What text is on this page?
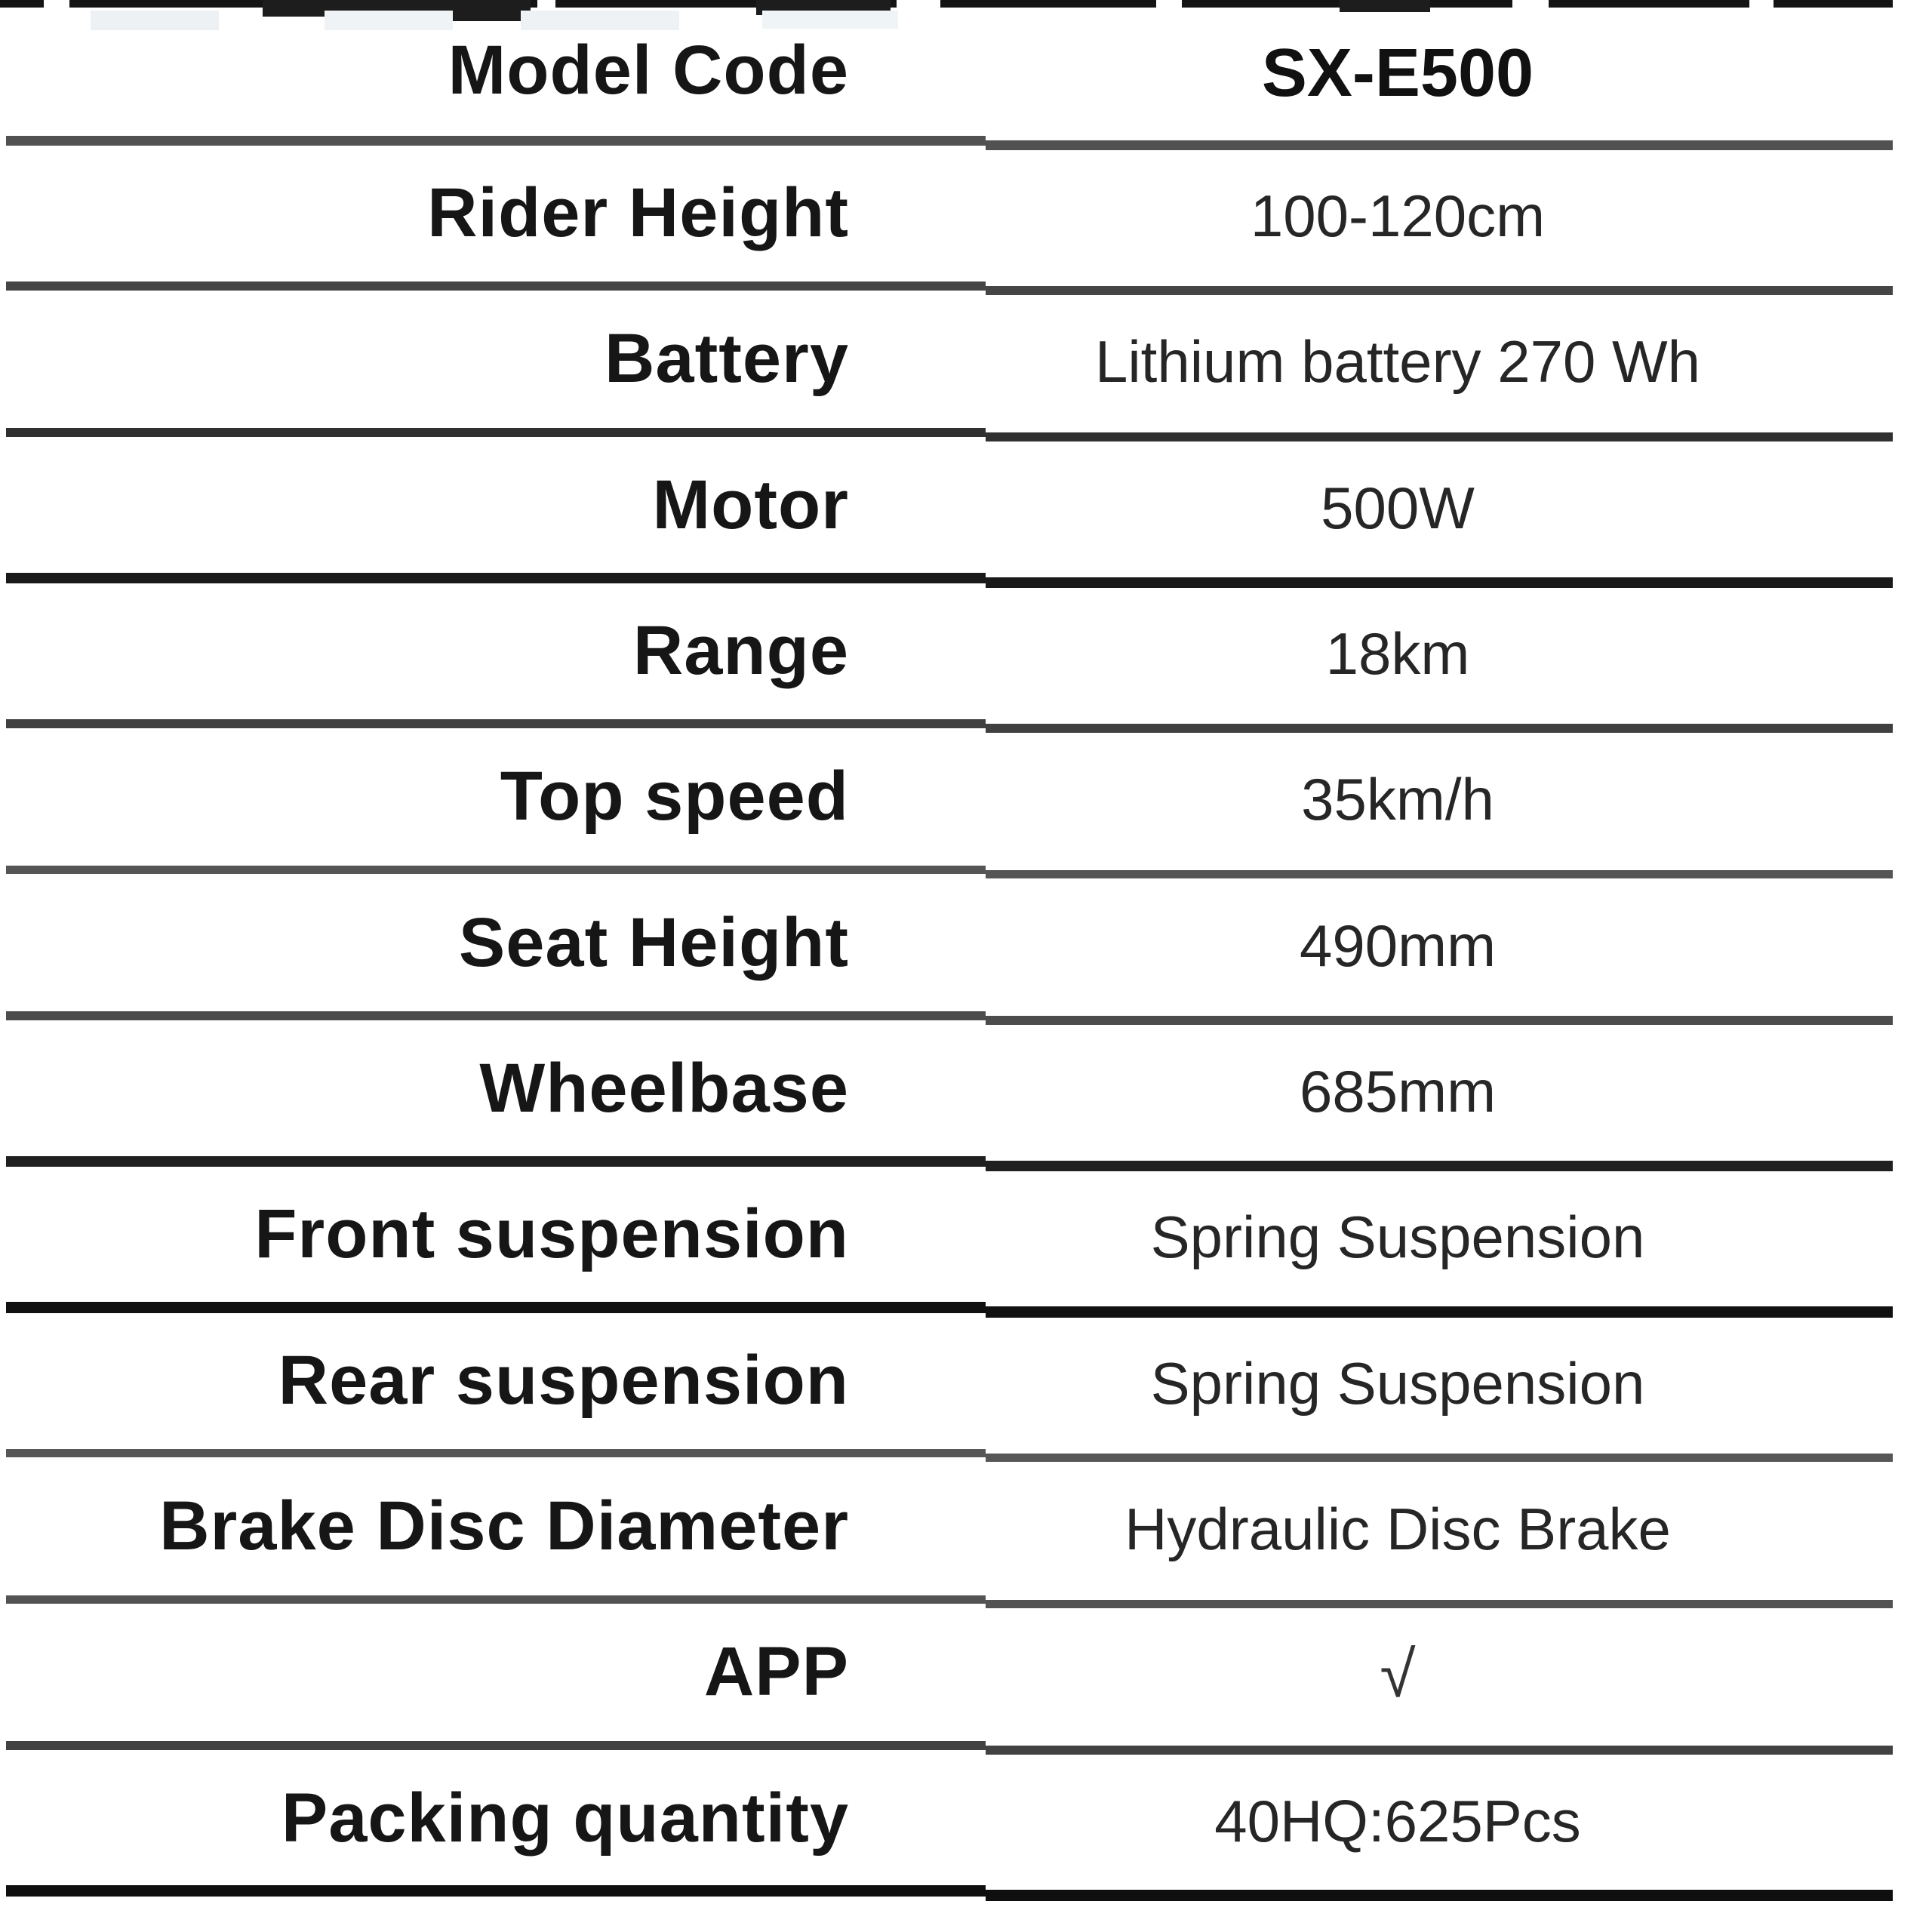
Model Code	SX-E500
Rider Height	100-120cm
Battery	Lithium battery 270 Wh
Motor	500W
Range	18km
Top speed	35km/h
Seat Height	490mm
Wheelbase	685mm
Front suspension	Spring Suspension
Rear suspension	Spring Suspension
Brake Disc Diameter	Hydraulic Disc Brake
APP	√
Packing quantity	40HQ:625Pcs
